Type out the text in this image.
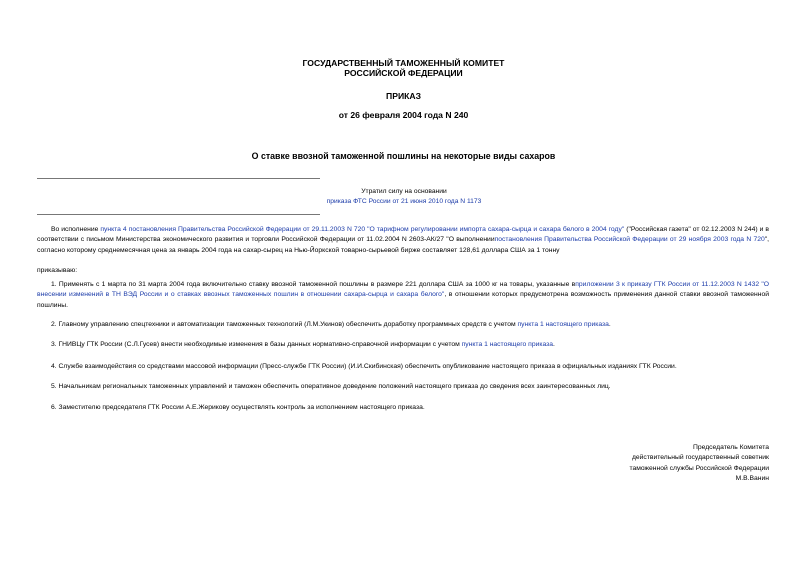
ГОСУДАРСТВЕННЫЙ ТАМОЖЕННЫЙ КОМИТЕТ
РОССИЙСКОЙ ФЕДЕРАЦИИ
ПРИКАЗ
от 26 февраля 2004 года N 240
О ставке ввозной таможенной пошлины на некоторые виды сахаров
Утратил силу на основании
приказа ФТС России от 21 июня 2010 года N 1173
Во исполнение пункта 4 постановления Правительства Российской Федерации от 29.11.2003 N 720 "О тарифном регулировании импорта сахара-сырца и сахара белого в 2004 году" ("Российская газета" от 02.12.2003 N 244) и в соответствии с письмом Министерства экономического развития и торговли Российской Федерации от 11.02.2004 N 2603-АК/27 "О выполнениипостановления Правительства Российской Федерации от 29 ноября 2003 года N 720", согласно которому среднемесячная цена за январь 2004 года на сахар-сырец на Нью-Йоркской товарно-сырьевой бирже составляет 128,61 доллара США за 1 тонну
приказываю:
1. Применять с 1 марта по 31 марта 2004 года включительно ставку ввозной таможенной пошлины в размере 221 доллара США за 1000 кг на товары, указанные вприложении 3 к приказу ГТК России от 11.12.2003 N 1432 "О внесении изменений в ТН ВЭД России и о ставках ввозных таможенных пошлин в отношении сахара-сырца и сахара белого", в отношении которых предусмотрена возможность применения данной ставки ввозной таможенной пошлины.
2. Главному управлению спецтехники и автоматизации таможенных технологий (Л.М.Укинов) обеспечить доработку программных средств с учетом пункта 1 настоящего приказа.
3. ГНИВЦу ГТК России (С.Л.Гусев) внести необходимые изменения в базы данных нормативно-справочной информации с учетом пункта 1 настоящего приказа.
4. Службе взаимодействия со средствами массовой информации (Пресс-службе ГТК России) (И.И.Скибинская) обеспечить опубликование настоящего приказа в официальных изданиях ГТК России.
5. Начальникам региональных таможенных управлений и таможен обеспечить оперативное доведение положений настоящего приказа до сведения всех заинтересованных лиц.
6. Заместителю председателя ГТК России А.Е.Жерикову осуществлять контроль за исполнением настоящего приказа.
Председатель Комитета
действительный государственный советник
таможенной службы Российской Федерации
М.В.Ванин
